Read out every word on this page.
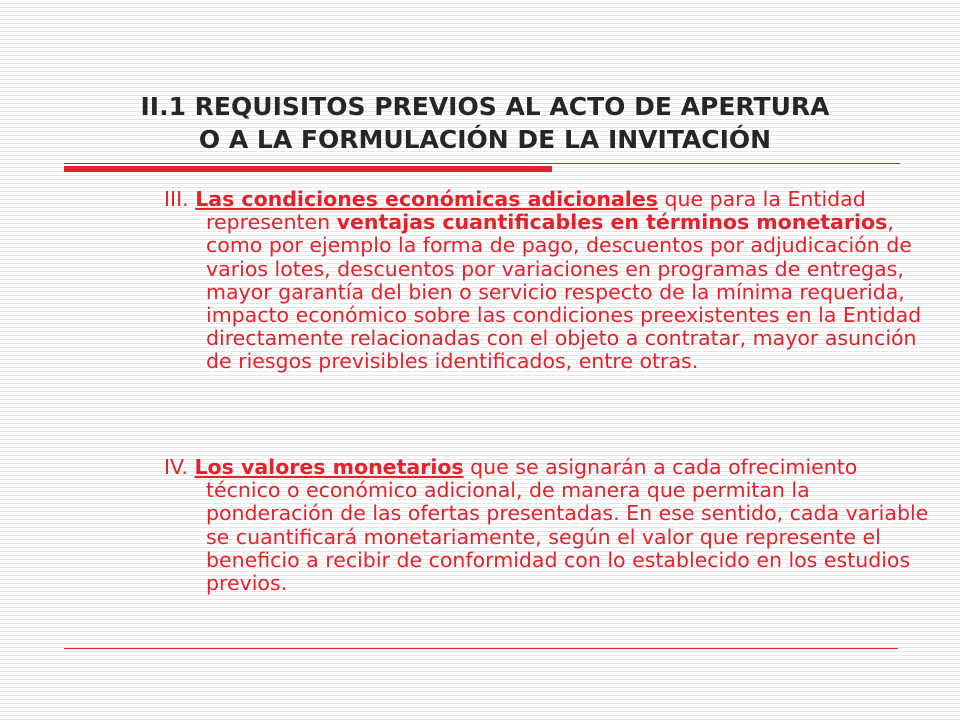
II.1 REQUISITOS PREVIOS AL ACTO DE APERTURA
O A LA FORMULACIÓN DE LA INVITACIÓN
III. Las condiciones económicas adicionales que para la Entidad representen ventajas cuantificables en términos monetarios, como por ejemplo la forma de pago, descuentos por adjudicación de varios lotes, descuentos por variaciones en programas de entregas, mayor garantía del bien o servicio respecto de la mínima requerida, impacto económico sobre las condiciones preexistentes en la Entidad directamente relacionadas con el objeto a contratar, mayor asunción de riesgos previsibles identificados, entre otras.
IV. Los valores monetarios que se asignarán a cada ofrecimiento técnico o económico adicional, de manera que permitan la ponderación de las ofertas presentadas. En ese sentido, cada variable se cuantificará monetariamente, según el valor que represente el beneficio a recibir de conformidad con lo establecido en los estudios previos.
